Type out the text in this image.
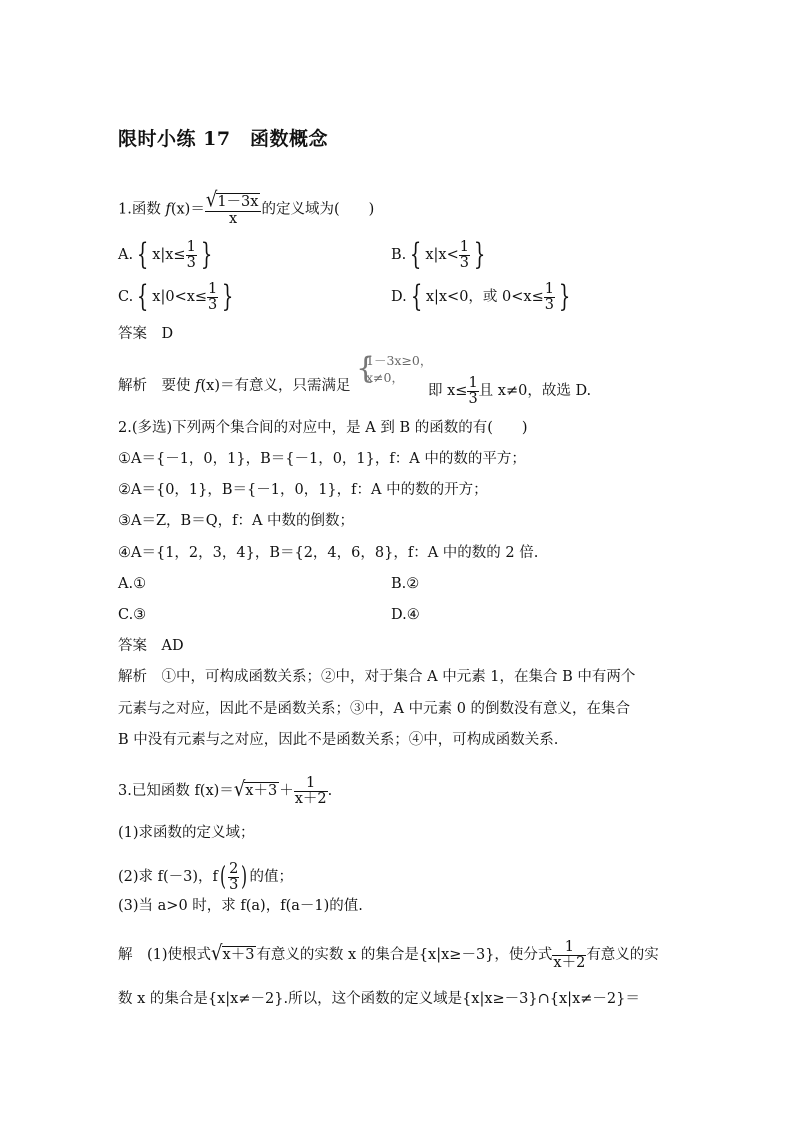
限时小练 17　函数概念
1.函数 $f(x)= \frac{√1-3x}{x}$ 的定义域为(　　)
A. { $x|x\le \frac{1}{3}$ }	B. { $x|x< \frac{1}{3}$ }
C. { $x|0<x\le \frac{1}{3}$ }	D. { x|x<0，或 $0<x\le \frac{1}{3}$ }
答案　D
解析　要使 f(x)＝有意义，只需满足 {
1－3x≥0，
x≠0，
即 $x\le \frac{1}{3}$ 且 x≠0，故选 D.
2.(多选)下列两个集合间的对应中，是 A 到 B 的函数的有(　　)
①A＝{－1，0，1}，B＝{－1，0，1}，f：A 中的数的平方；
②A＝{0，1}，B＝{－1，0，1}，f：A 中的数的开方；
③A＝Z，B＝Q，f：A 中数的倒数；
④A＝{1，2，3，4}，B＝{2，4，6，8}，f：A 中的数的 2 倍.
A.①	B.②
C.③	D.④
答案　AD
解析　①中，可构成函数关系；②中，对于集合 A 中元素 1，在集合 B 中有两个
元素与之对应，因此不是函数关系；③中，A 中元素 0 的倒数没有意义，在集合
B 中没有元素与之对应，因此不是函数关系；④中，可构成函数关系.
3.已知函数 $f(x)=√x+3 + \frac{1}{x+2}$ .
(1)求函数的定义域；
(2)求 f(－3)，$f( \frac{2}{3}$ ) 的值；
(3)当 a>0 时，求 f(a)，f(a－1)的值.
解　(1)使根式√x＋3 有意义的实数 x 的集合是{x|x≥－3}，使分式 $\frac{1}{x+2}$ 有意义的实
数 x 的集合是{x|x≠－2}.所以，这个函数的定义域是{x|x≥－3}∩{x|x≠－2}＝
